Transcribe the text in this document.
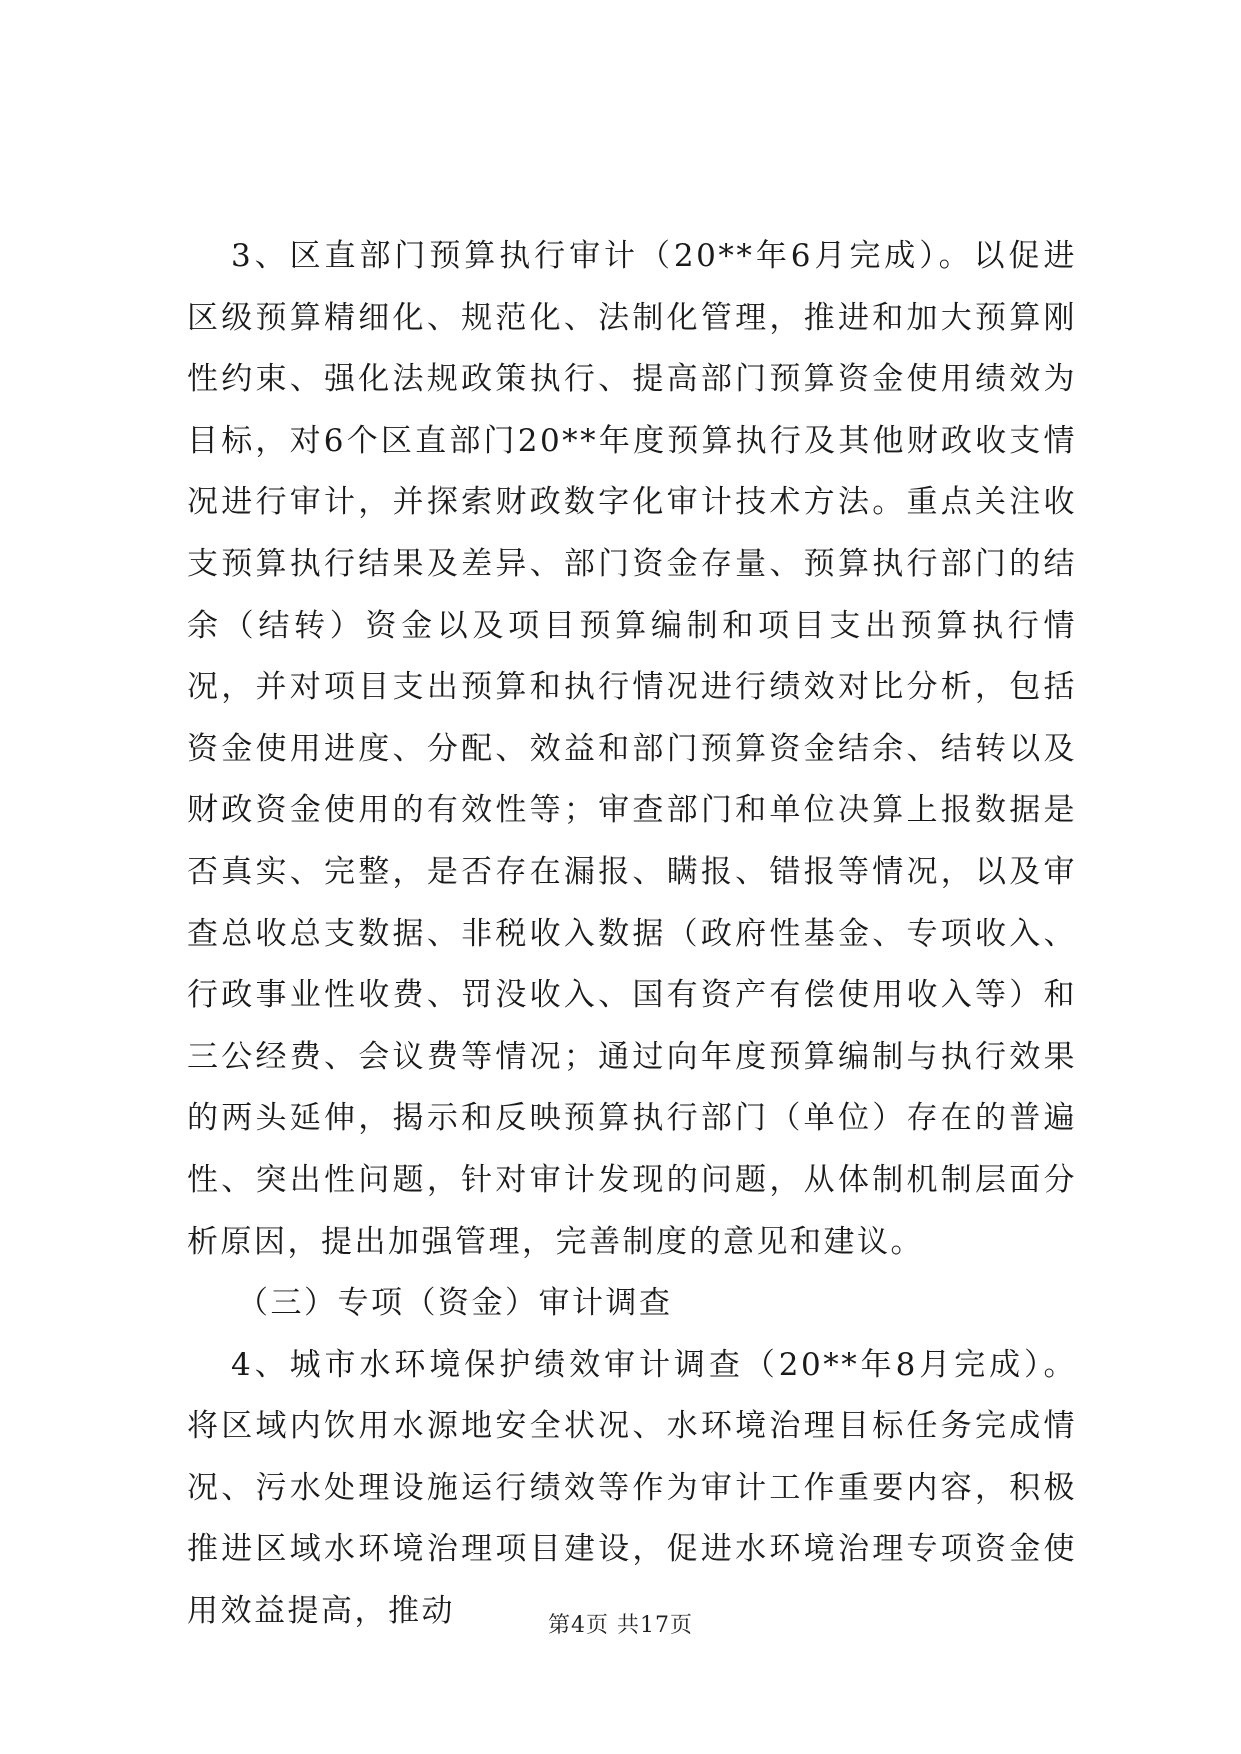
3、区直部门预算执行审计（20**年6月完成）。以促进区级预算精细化、规范化、法制化管理，推进和加大预算刚性约束、强化法规政策执行、提高部门预算资金使用绩效为目标，对6个区直部门20**年度预算执行及其他财政收支情况进行审计，并探索财政数字化审计技术方法。重点关注收支预算执行结果及差异、部门资金存量、预算执行部门的结余（结转）资金以及项目预算编制和项目支出预算执行情况，并对项目支出预算和执行情况进行绩效对比分析，包括资金使用进度、分配、效益和部门预算资金结余、结转以及财政资金使用的有效性等；审查部门和单位决算上报数据是否真实、完整，是否存在漏报、瞒报、错报等情况，以及审查总收总支数据、非税收入数据（政府性基金、专项收入、行政事业性收费、罚没收入、国有资产有偿使用收入等）和三公经费、会议费等情况；通过向年度预算编制与执行效果的两头延伸，揭示和反映预算执行部门（单位）存在的普遍性、突出性问题，针对审计发现的问题，从体制机制层面分析原因，提出加强管理，完善制度的意见和建议。

（三）专项（资金）审计调查

4、城市水环境保护绩效审计调查（20**年8月完成）。将区域内饮用水源地安全状况、水环境治理目标任务完成情况、污水处理设施运行绩效等作为审计工作重要内容，积极推进区域水环境治理项目建设，促进水环境治理专项资金使用效益提高，推动	第4页 共17页
